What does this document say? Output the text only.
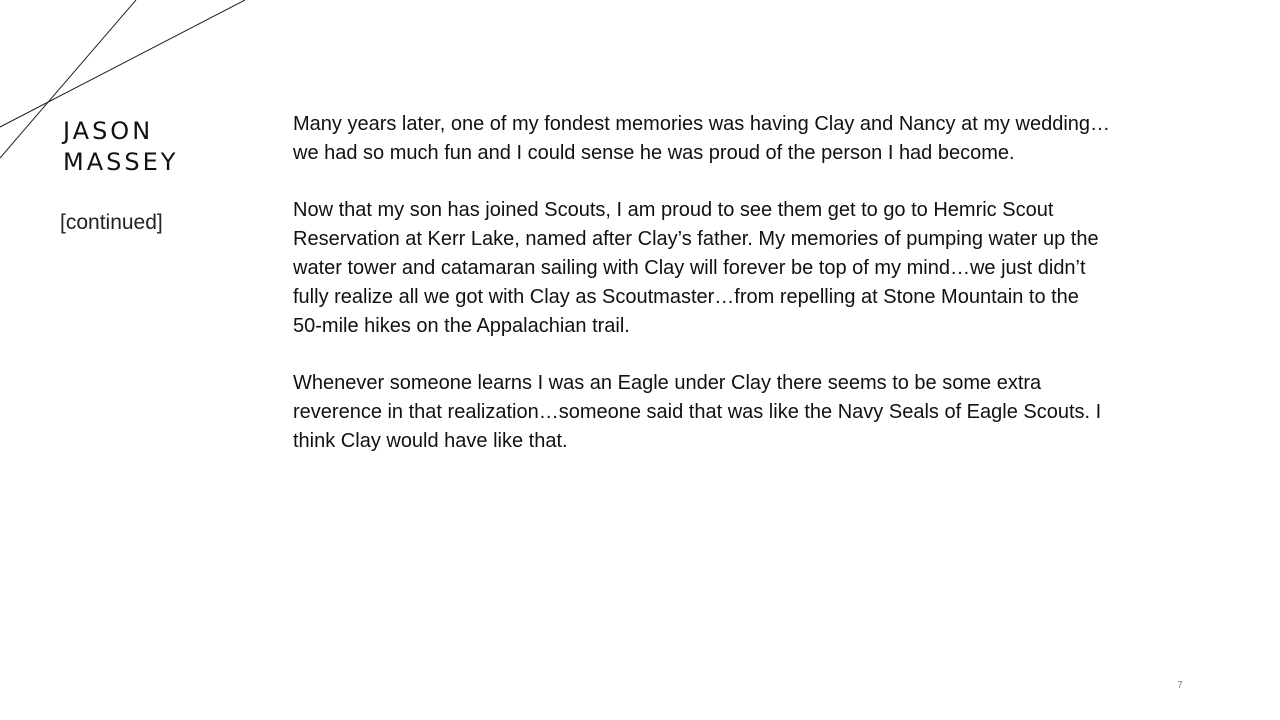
JASON
MASSEY
[continued]

Many years later, one of my fondest memories was having Clay and Nancy at my wedding…we had so much fun and I could sense he was proud of the person I had become.

Now that my son has joined Scouts, I am proud to see them get to go to Hemric Scout Reservation at Kerr Lake, named after Clay’s father. My memories of pumping water up the water tower and catamaran sailing with Clay will forever be top of my mind…we just didn’t fully realize all we got with Clay as Scoutmaster…from repelling at Stone Mountain to the 50-mile hikes on the Appalachian trail.

Whenever someone learns I was an Eagle under Clay there seems to be some extra reverence in that realization…someone said that was like the Navy Seals of Eagle Scouts. I think Clay would have like that.

7
